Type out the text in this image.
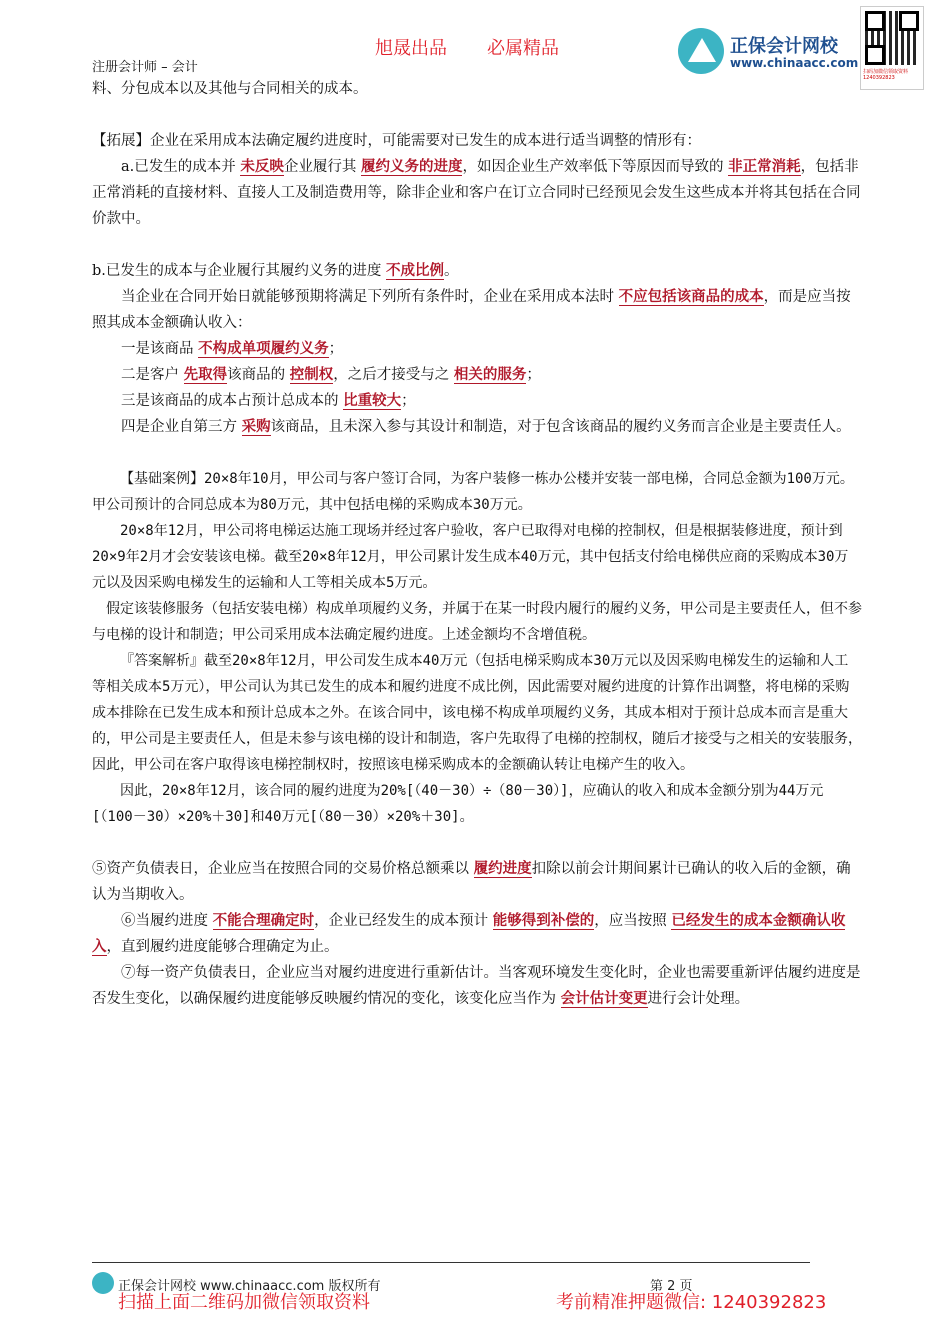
旭晟出品 必属精品
注册会计师 – 会计
正保会计网校
www.chinaacc.com
扫码加微信领取资料 1240392823

料、分包成本以及其他与合同相关的成本。

【拓展】企业在采用成本法确定履约进度时，可能需要对已发生的成本进行适当调整的情形有：

a.已发生的成本并 未反映企业履行其 履约义务的进度，如因企业生产效率低下等原因而导致的 非正常消耗，包括非正常消耗的直接材料、直接人工及制造费用等，除非企业和客户在订立合同时已经预见会发生这些成本并将其包括在合同价款中。

b.已发生的成本与企业履行其履约义务的进度 不成比例。

当企业在合同开始日就能够预期将满足下列所有条件时，企业在采用成本法时 不应包括该商品的成本，而是应当按照其成本金额确认收入：

一是该商品 不构成单项履约义务；

二是客户 先取得该商品的 控制权，之后才接受与之 相关的服务；

三是该商品的成本占预计总成本的 比重较大；

四是企业自第三方 采购该商品，且未深入参与其设计和制造，对于包含该商品的履约义务而言企业是主要责任人。

【基础案例】20×8年10月，甲公司与客户签订合同，为客户装修一栋办公楼并安装一部电梯，合同总金额为100万元。甲公司预计的合同总成本为80万元，其中包括电梯的采购成本30万元。

20×8年12月，甲公司将电梯运达施工现场并经过客户验收，客户已取得对电梯的控制权，但是根据装修进度，预计到20×9年2月才会安装该电梯。截至20×8年12月，甲公司累计发生成本40万元，其中包括支付给电梯供应商的采购成本30万元以及因采购电梯发生的运输和人工等相关成本5万元。

假定该装修服务（包括安装电梯）构成单项履约义务，并属于在某一时段内履行的履约义务，甲公司是主要责任人，但不参与电梯的设计和制造；甲公司采用成本法确定履约进度。上述金额均不含增值税。

『答案解析』截至20×8年12月，甲公司发生成本40万元（包括电梯采购成本30万元以及因采购电梯发生的运输和人工等相关成本5万元），甲公司认为其已发生的成本和履约进度不成比例，因此需要对履约进度的计算作出调整，将电梯的采购成本排除在已发生成本和预计总成本之外。在该合同中，该电梯不构成单项履约义务，其成本相对于预计总成本而言是重大的，甲公司是主要责任人，但是未参与该电梯的设计和制造，客户先取得了电梯的控制权，随后才接受与之相关的安装服务，因此，甲公司在客户取得该电梯控制权时，按照该电梯采购成本的金额确认转让电梯产生的收入。

因此，20×8年12月，该合同的履约进度为20%[（40－30）÷（80－30）]，应确认的收入和成本金额分别为44万元[（100－30）×20%＋30]和40万元[（80－30）×20%＋30]。

⑤资产负债表日，企业应当在按照合同的交易价格总额乘以 履约进度扣除以前会计期间累计已确认的收入后的金额，确认为当期收入。

⑥当履约进度 不能合理确定时，企业已经发生的成本预计 能够得到补偿的，应当按照 已经发生的成本金额确认收入，直到履约进度能够合理确定为止。

⑦每一资产负债表日，企业应当对履约进度进行重新估计。当客观环境发生变化时，企业也需要重新评估履约进度是否发生变化，以确保履约进度能够反映履约情况的变化，该变化应当作为 会计估计变更进行会计处理。

正保会计网校 www.chinaacc.com 版权所有	第 2 页
扫描上面二维码加微信领取资料	考前精准押题微信: 1240392823
